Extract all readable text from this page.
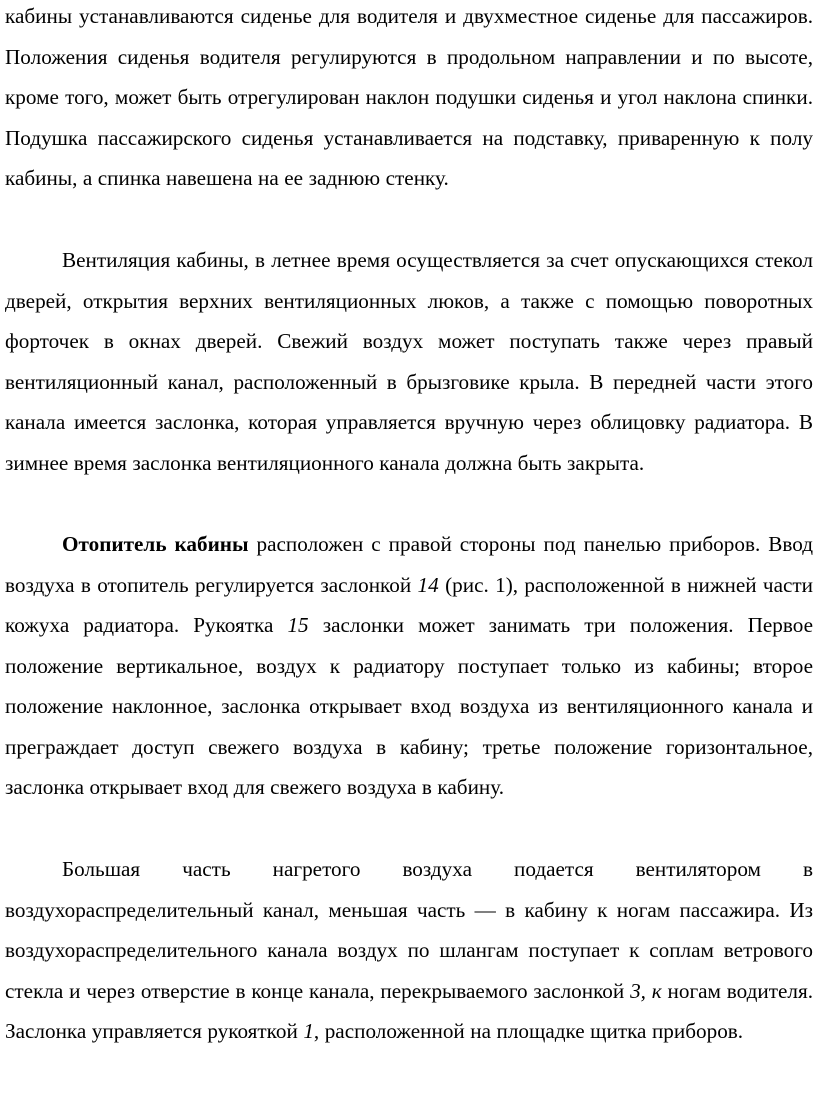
кабины устанавливаются сиденье для водителя и двухместное сиденье для пассажиров. Положения сиденья водителя регулируются в продольном направлении и по высоте, кроме того, может быть отрегулирован наклон подушки сиденья и угол наклона спинки. Подушка пассажирского сиденья устанавливается на подставку, приваренную к полу кабины, а спинка навешена на ее заднюю стенку.

Вентиляция кабины, в летнее время осуществляется за счет опускающихся стекол дверей, открытия верхних вентиляционных люков, а также с помощью поворотных форточек в окнах дверей. Свежий воздух может поступать также через правый вентиляционный канал, расположенный в брызговике крыла. В передней части этого канала имеется заслонка, которая управляется вручную через облицовку радиатора. В зимнее время заслонка вентиляционного канала должна быть закрыта.

Отопитель кабины расположен с правой стороны под панелью приборов. Ввод воздуха в отопитель регулируется заслонкой 14 (рис. 1), расположенной в нижней части кожуха радиатора. Рукоятка 15 заслонки может занимать три положения. Первое положение вертикальное, воздух к радиатору поступает только из кабины; второе положение наклонное, заслонка открывает вход воздуха из вентиляционного канала и преграждает доступ свежего воздуха в кабину; третье положение горизонтальное, заслонка открывает вход для свежего воздуха в кабину.

Большая часть нагретого воздуха подается вентилятором в воздухораспределительный канал, меньшая часть — в кабину к ногам пассажира. Из воздухораспределительного канала воздух по шлангам поступает к соплам ветрового стекла и через отверстие в конце канала, перекрываемого заслонкой 3, к ногам водителя. Заслонка управляется рукояткой 1, расположенной на площадке щитка приборов.
